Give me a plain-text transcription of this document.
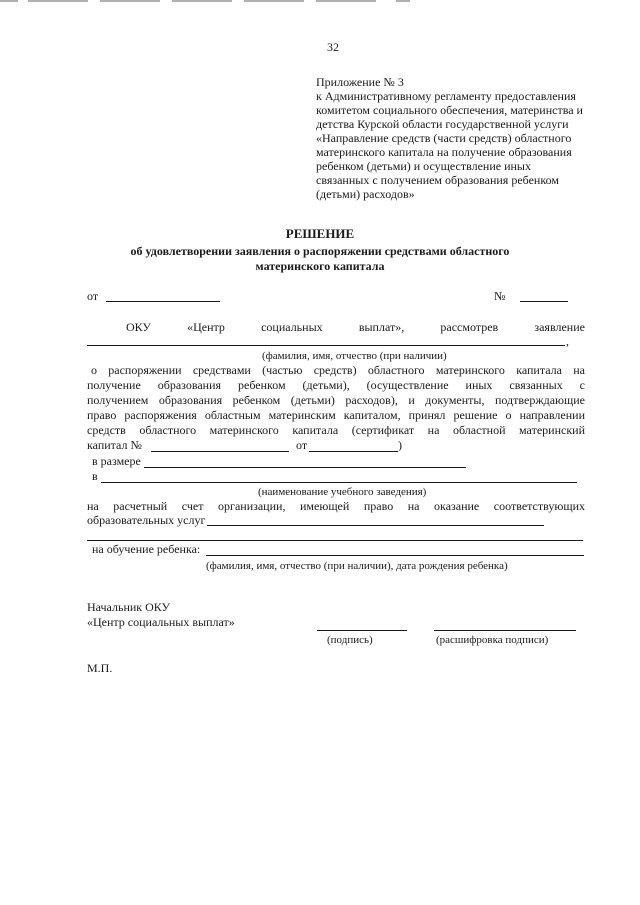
32
Приложение № 3
к Административному регламенту предоставления
комитетом социального обеспечения, материнства и
детства Курской области государственной услуги
«Направление средств (части средств) областного
материнского капитала на получение образования
ребенком (детьми) и осуществление иных
связанных с получением образования ребенком
(детьми) расходов»
РЕШЕНИЕ
об удовлетворении заявления о распоряжении средствами областного
материнского капитала
от	№
ОКУ	«Центр	социальных	выплат»,	рассмотрев	заявление
,
(фамилия, имя, отчество (при наличии)
о распоряжении средствами (частью средств) областного материнского капитала на
получение образования ребенком (детьми), (осуществление иных связанных с
получением образования ребенком (детьми) расходов), и документы, подтверждающие
право распоряжения областным материнским капиталом, принял решение о направлении
средств областного материнского капитала (сертификат на областной материнский
капитал №	от	)
в размере
в
(наименование учебного заведения)
на расчетный счет организации, имеющей право на оказание соответствующих
образовательных услуг
на обучение ребенка:
(фамилия, имя, отчество (при наличии), дата рождения ребенка)
Начальник ОКУ
«Центр социальных выплат»
(подпись)	(расшифровка подписи)
М.П.
